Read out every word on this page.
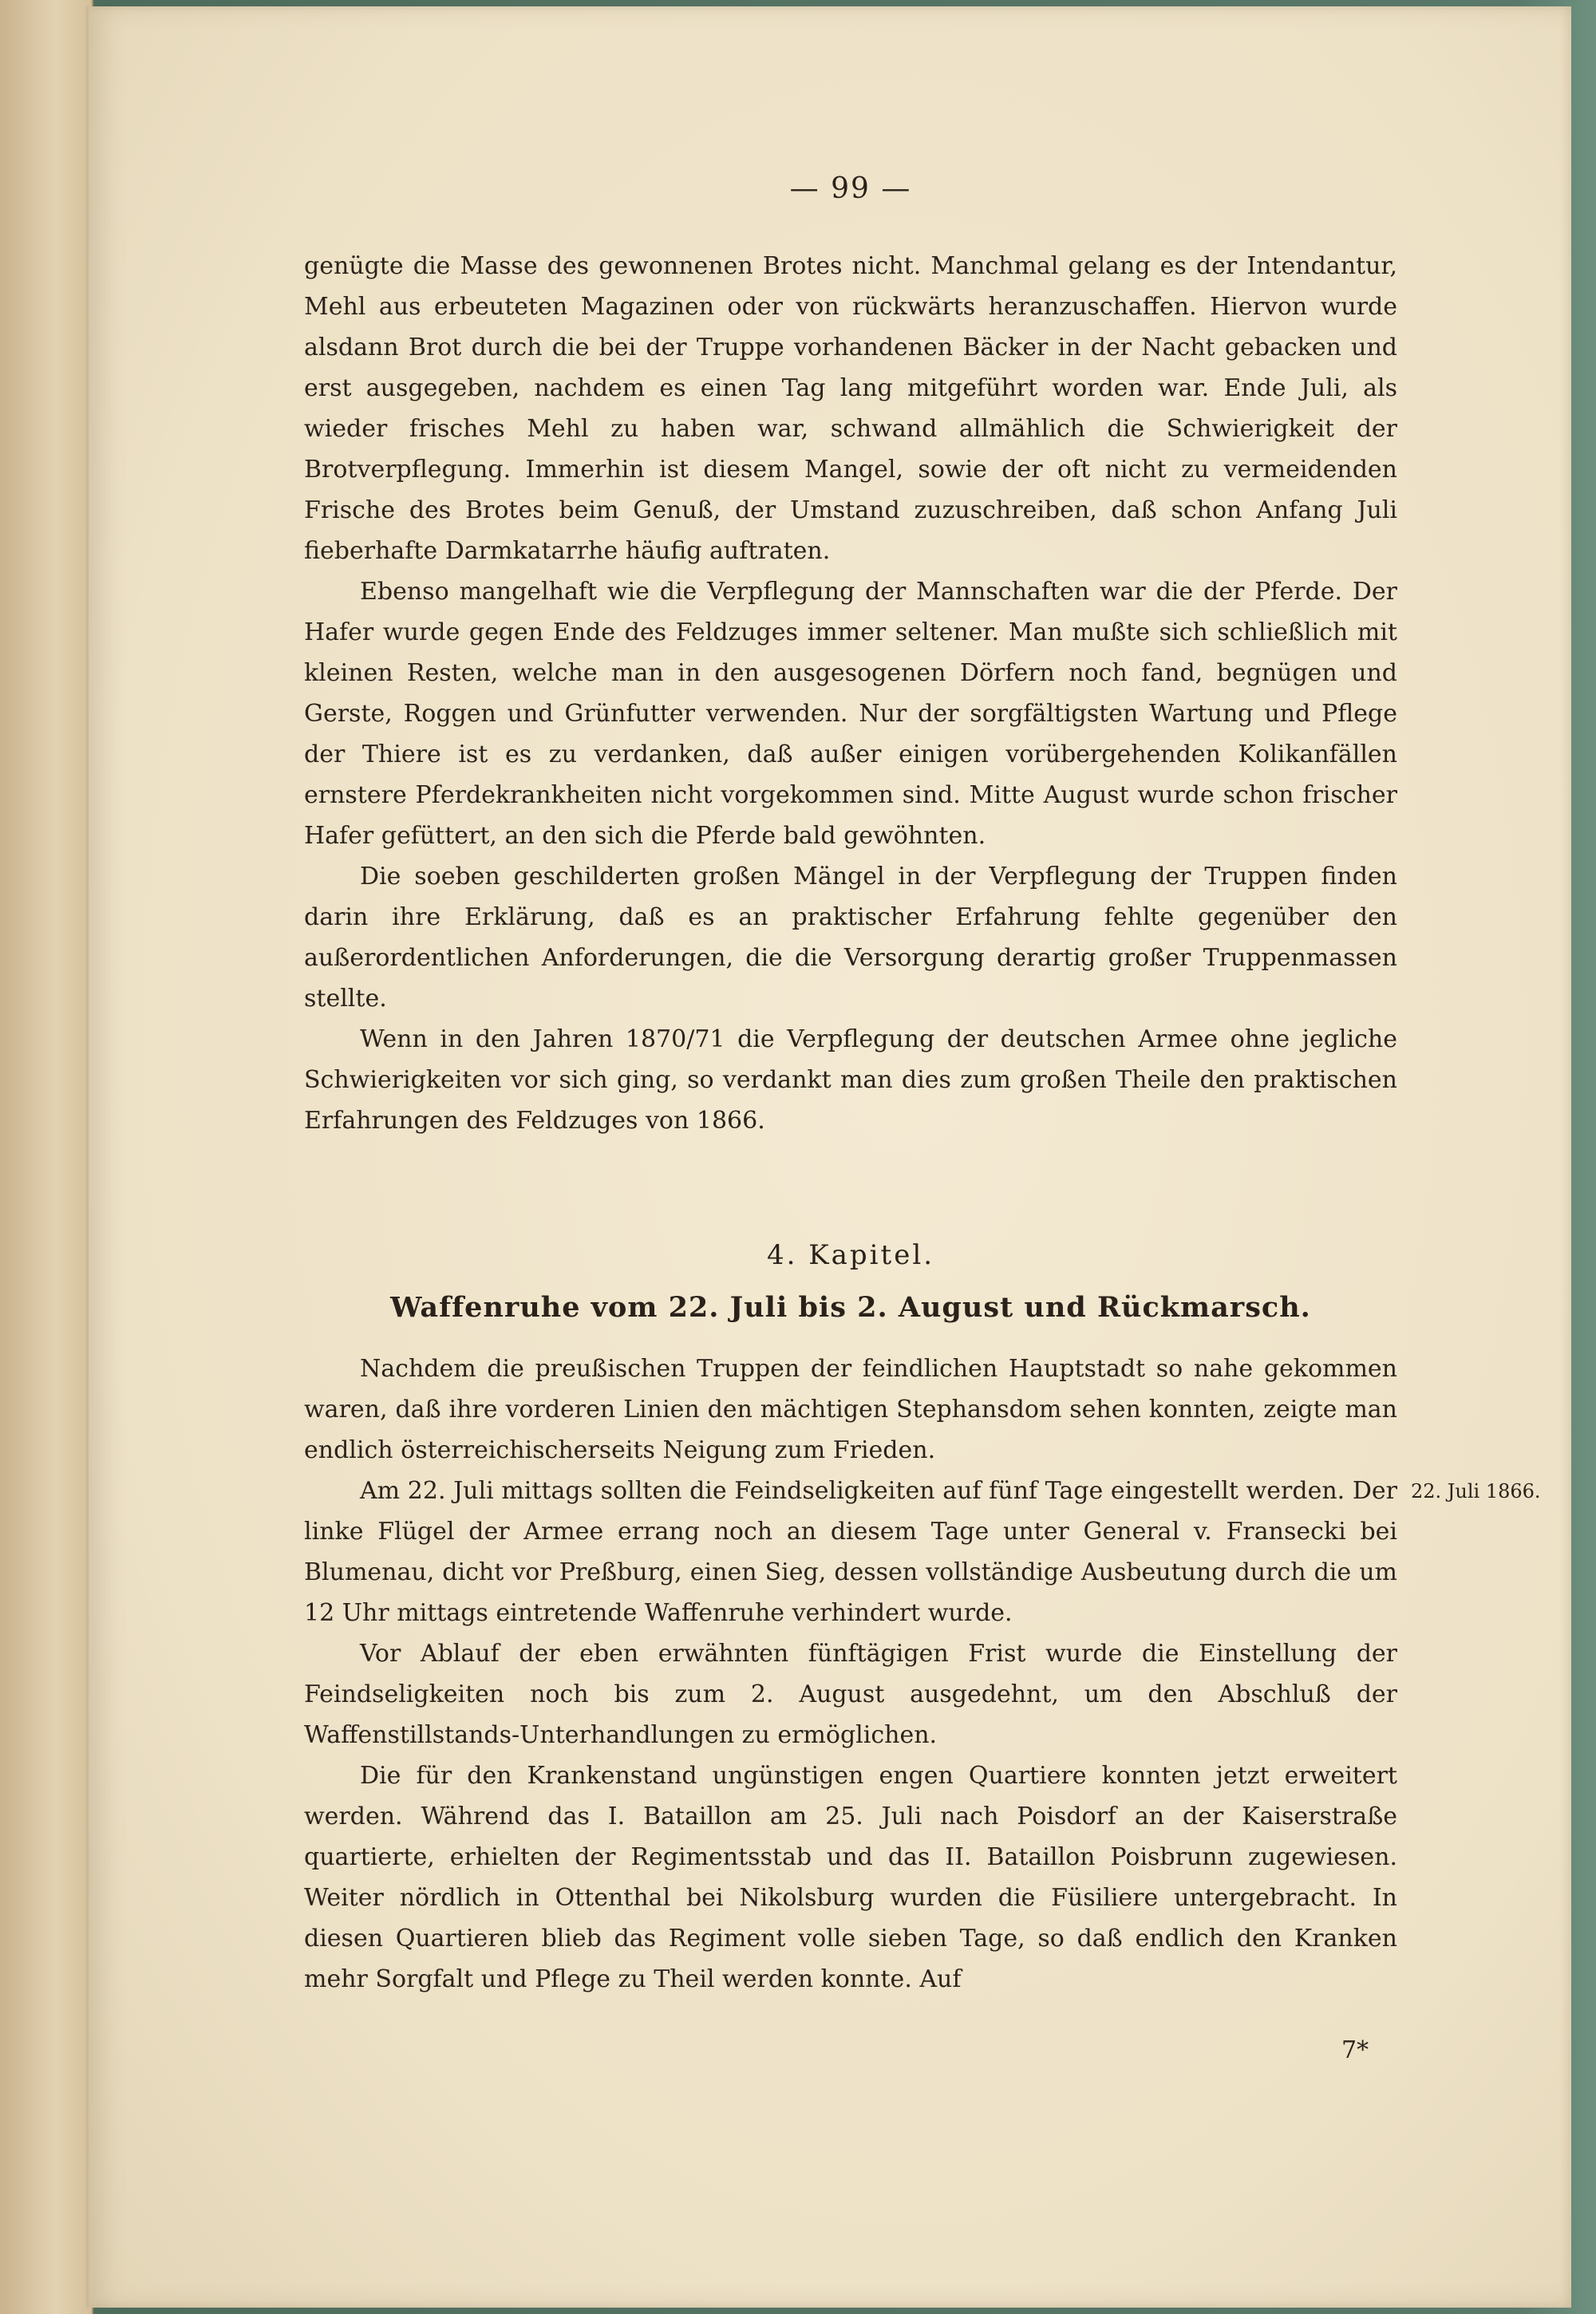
— 99 —

genügte die Masse des gewonnenen Brotes nicht. Manchmal gelang es der Intendantur, Mehl aus erbeuteten Magazinen oder von rückwärts heranzuschaffen. Hiervon wurde alsdann Brot durch die bei der Truppe vorhandenen Bäcker in der Nacht gebacken und erst ausgegeben, nachdem es einen Tag lang mitgeführt worden war. Ende Juli, als wieder frisches Mehl zu haben war, schwand allmählich die Schwierigkeit der Brotverpflegung. Immerhin ist diesem Mangel, sowie der oft nicht zu vermeidenden Frische des Brotes beim Genuß, der Umstand zuzuschreiben, daß schon Anfang Juli fieberhafte Darmkatarrhe häufig auftraten.

Ebenso mangelhaft wie die Verpflegung der Mannschaften war die der Pferde. Der Hafer wurde gegen Ende des Feldzuges immer seltener. Man mußte sich schließlich mit kleinen Resten, welche man in den ausgesogenen Dörfern noch fand, begnügen und Gerste, Roggen und Grünfutter verwenden. Nur der sorgfältigsten Wartung und Pflege der Thiere ist es zu verdanken, daß außer einigen vorübergehenden Kolikanfällen ernstere Pferdekrankheiten nicht vorgekommen sind. Mitte August wurde schon frischer Hafer gefüttert, an den sich die Pferde bald gewöhnten.

Die soeben geschilderten großen Mängel in der Verpflegung der Truppen finden darin ihre Erklärung, daß es an praktischer Erfahrung fehlte gegenüber den außerordentlichen Anforderungen, die die Versorgung derartig großer Truppenmassen stellte.

Wenn in den Jahren 1870/71 die Verpflegung der deutschen Armee ohne jegliche Schwierigkeiten vor sich ging, so verdankt man dies zum großen Theile den praktischen Erfahrungen des Feldzuges von 1866.

4. Kapitel.
Waffenruhe vom 22. Juli bis 2. August und Rückmarsch.

Nachdem die preußischen Truppen der feindlichen Hauptstadt so nahe gekommen waren, daß ihre vorderen Linien den mächtigen Stephansdom sehen konnten, zeigte man endlich österreichischerseits Neigung zum Frieden.

Am 22. Juli mittags sollten die Feindseligkeiten auf fünf Tage eingestellt werden. Der linke Flügel der Armee errang noch an diesem Tage unter General v. Fransecki bei Blumenau, dicht vor Preßburg, einen Sieg, dessen vollständige Ausbeutung durch die um 12 Uhr mittags eintretende Waffenruhe verhindert wurde.

Vor Ablauf der eben erwähnten fünftägigen Frist wurde die Einstellung der Feindseligkeiten noch bis zum 2. August ausgedehnt, um den Abschluß der Waffenstillstands-Unterhandlungen zu ermöglichen.

Die für den Krankenstand ungünstigen engen Quartiere konnten jetzt erweitert werden. Während das I. Bataillon am 25. Juli nach Poisdorf an der Kaiserstraße quartierte, erhielten der Regimentsstab und das II. Bataillon Poisbrunn zugewiesen. Weiter nördlich in Ottenthal bei Nikolsburg wurden die Füsiliere untergebracht. In diesen Quartieren blieb das Regiment volle sieben Tage, so daß endlich den Kranken mehr Sorgfalt und Pflege zu Theil werden konnte. Auf

22. Juli 1866.
7*
